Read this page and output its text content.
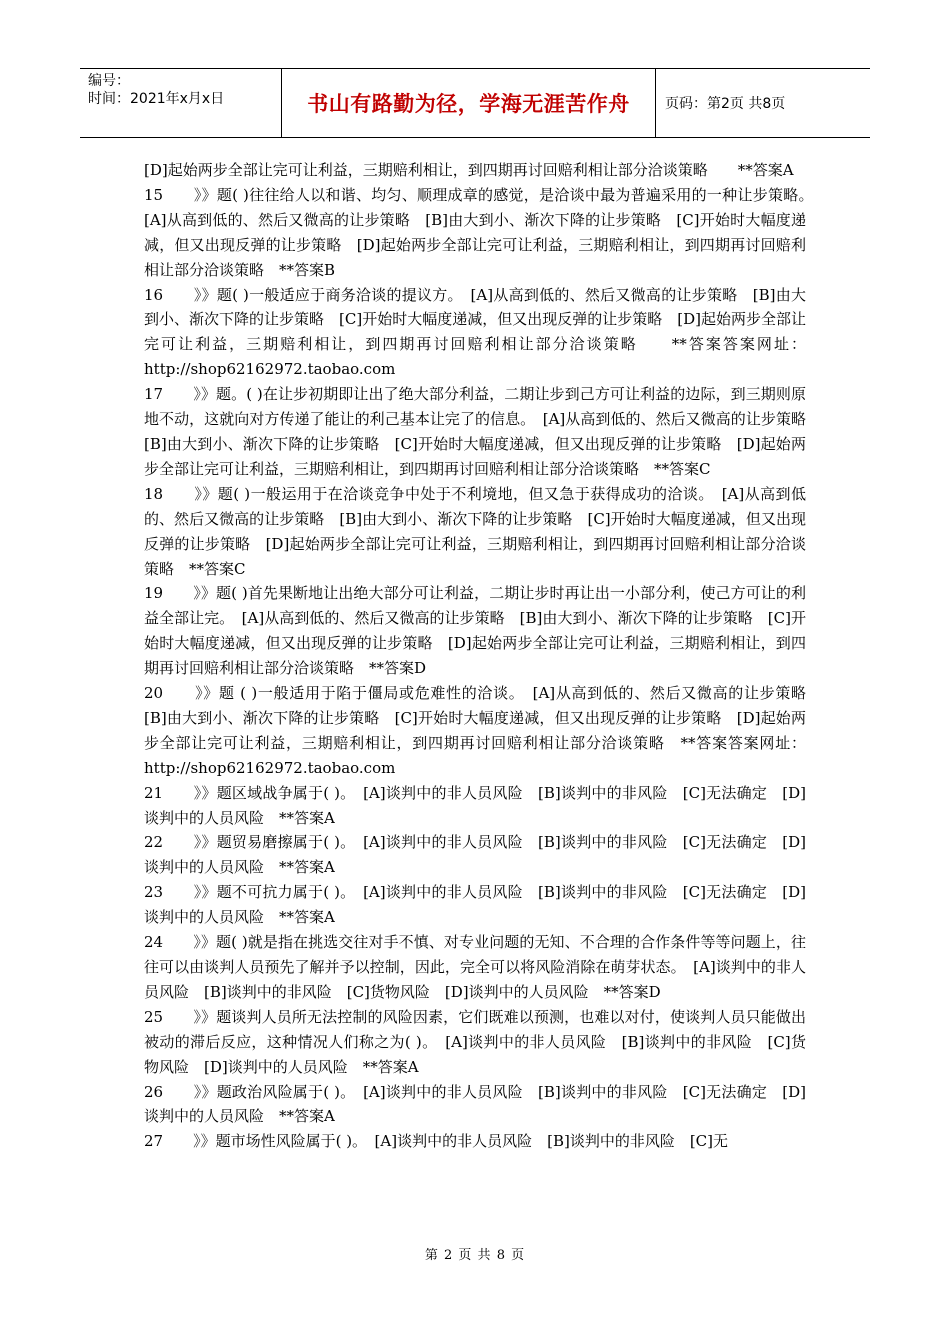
编号：
时间：2021年x月x日	书山有路勤为径，学海无涯苦作舟	页码：第2页 共8页

[D]起始两步全部让完可让利益，三期赔利相让，到四期再讨回赔利相让部分洽谈策略　　**答案A

15　　》》题( )往往给人以和谐、均匀、顺理成章的感觉，是洽谈中最为普遍采用的一种让步策略。　[A]从高到低的、然后又微高的让步策略　[B]由大到小、渐次下降的让步策略　[C]开始时大幅度递减，但又出现反弹的让步策略　[D]起始两步全部让完可让利益，三期赔利相让，到四期再讨回赔利相让部分洽谈策略　**答案B

16　　》》题( )一般适应于商务洽谈的提议方。　[A]从高到低的、然后又微高的让步策略　[B]由大到小、渐次下降的让步策略　[C]开始时大幅度递减，但又出现反弹的让步策略　[D]起始两步全部让完可让利益，三期赔利相让，到四期再讨回赔利相让部分洽谈策略　　**答案答案网址：http://shop62162972.taobao.com

17　　》》题。( )在让步初期即让出了绝大部分利益，二期让步到己方可让利益的边际，到三期则原地不动，这就向对方传递了能让的利己基本让完了的信息。　[A]从高到低的、然后又微高的让步策略　[B]由大到小、渐次下降的让步策略　[C]开始时大幅度递减，但又出现反弹的让步策略　[D]起始两步全部让完可让利益，三期赔利相让，到四期再讨回赔利相让部分洽谈策略　**答案C

18　　》》题( )一般运用于在洽谈竞争中处于不利境地，但又急于获得成功的洽谈。　[A]从高到低的、然后又微高的让步策略　[B]由大到小、渐次下降的让步策略　[C]开始时大幅度递减，但又出现反弹的让步策略　[D]起始两步全部让完可让利益，三期赔利相让，到四期再讨回赔利相让部分洽谈策略　**答案C

19　　》》题( )首先果断地让出绝大部分可让利益，二期让步时再让出一小部分利，使己方可让的利益全部让完。　[A]从高到低的、然后又微高的让步策略　[B]由大到小、渐次下降的让步策略　[C]开始时大幅度递减，但又出现反弹的让步策略　[D]起始两步全部让完可让利益，三期赔利相让，到四期再讨回赔利相让部分洽谈策略　**答案D

20　　》》题 ( )一般适用于陷于僵局或危难性的洽谈。　[A]从高到低的、然后又微高的让步策略　[B]由大到小、渐次下降的让步策略　[C]开始时大幅度递减，但又出现反弹的让步策略　[D]起始两步全部让完可让利益，三期赔利相让，到四期再讨回赔利相让部分洽谈策略　**答案答案网址：http://shop62162972.taobao.com

21　　》》题区域战争属于( )。　[A]谈判中的非人员风险　[B]谈判中的非风险　[C]无法确定　[D]谈判中的人员风险　**答案A

22　　》》题贸易磨擦属于( )。　[A]谈判中的非人员风险　[B]谈判中的非风险　[C]无法确定　[D]谈判中的人员风险　**答案A

23　　》》题不可抗力属于( )。　[A]谈判中的非人员风险　[B]谈判中的非风险　[C]无法确定　[D]谈判中的人员风险　**答案A

24　　》》题( )就是指在挑选交往对手不慎、对专业问题的无知、不合理的合作条件等等问题上，往往可以由谈判人员预先了解并予以控制，因此，完全可以将风险消除在萌芽状态。　[A]谈判中的非人员风险　[B]谈判中的非风险　[C]货物风险　[D]谈判中的人员风险　**答案D

25　　》》题谈判人员所无法控制的风险因素，它们既难以预测，也难以对付，使谈判人员只能做出被动的滞后反应，这种情况人们称之为( )。　[A]谈判中的非人员风险　[B]谈判中的非风险　[C]货物风险　[D]谈判中的人员风险　**答案A

26　　》》题政治风险属于( )。　[A]谈判中的非人员风险　[B]谈判中的非风险　[C]无法确定　[D]谈判中的人员风险　**答案A

27　　》》题市场性风险属于( )。　[A]谈判中的非人员风险　[B]谈判中的非风险　[C]无

第 2 页 共 8 页
